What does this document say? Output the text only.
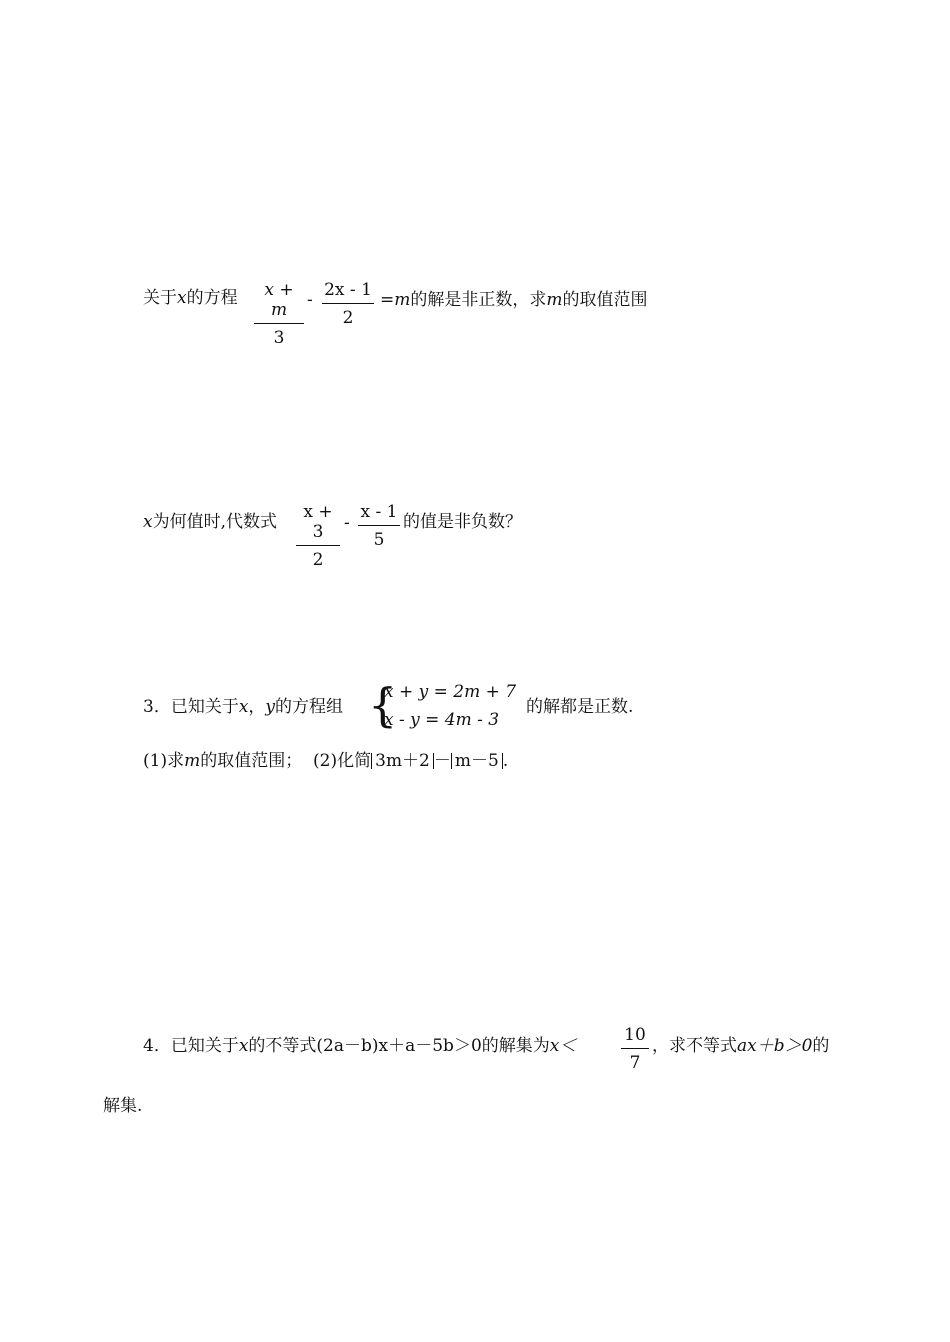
关于x的方程 $\frac{x + m}{3} - \frac{2x - 1}{2} =m$的解是非正数，求m的取值范围
x为何值时,代数式 $\frac{x + 3}{2} - \frac{x - 1}{5}$ 的值是非负数？
3．已知关于x，y的方程组 {
x + y = 2m + 7
x - y = 4m - 3
的解都是正数.
(1)求m的取值范围； (2)化简 3m＋2 － m－5 .
4．已知关于x的不等式(2a－b)x＋a－5b＞0的解集为x＜	$\frac{10}{7}$ ，求不等式ax＋b＞0的
解集.
